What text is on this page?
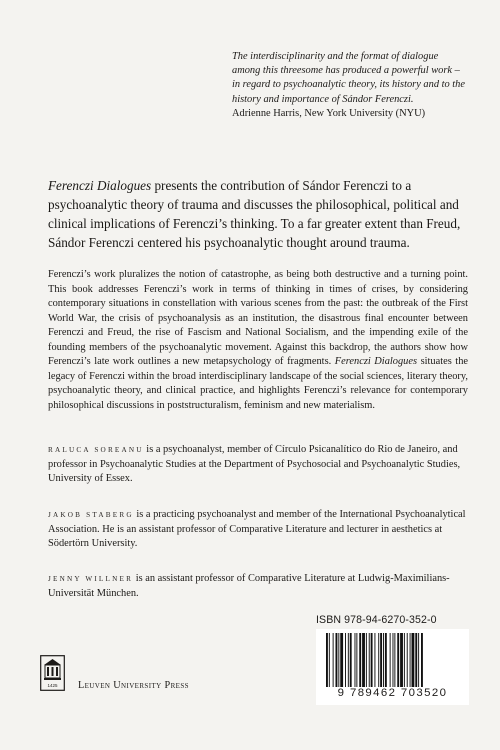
The interdisciplinarity and the format of dialogue among this threesome has produced a powerful work – in regard to psychoanalytic theory, its history and to the history and importance of Sándor Ferenczi.
Adrienne Harris, New York University (NYU)

Ferenczi Dialogues presents the contribution of Sándor Ferenczi to a psychoanalytic theory of trauma and discusses the philosophical, political and clinical implications of Ferenczi’s thinking. To a far greater extent than Freud, Sándor Ferenczi centered his psychoanalytic thought around trauma.

Ferenczi’s work pluralizes the notion of catastrophe, as being both destructive and a turning point. This book addresses Ferenczi’s work in terms of thinking in times of crises, by considering contemporary situations in constellation with various scenes from the past: the outbreak of the First World War, the crisis of psychoanalysis as an institution, the disastrous final encounter between Ferenczi and Freud, the rise of Fascism and National Socialism, and the impending exile of the founding members of the psychoanalytic movement. Against this backdrop, the authors show how Ferenczi’s late work outlines a new metapsychology of fragments. Ferenczi Dialogues situates the legacy of Ferenczi within the broad interdisciplinary landscape of the social sciences, literary theory, psychoanalytic theory, and clinical practice, and highlights Ferenczi’s relevance for contemporary philosophical discussions in poststructuralism, feminism and new materialism.

RALUCA SOREANU is a psychoanalyst, member of Círculo Psicanalítico do Rio de Janeiro, and professor in Psychoanalytic Studies at the Department of Psychosocial and Psychoanalytic Studies, University of Essex.

JAKOB STABERG is a practicing psychoanalyst and member of the International Psychoanalytical Association. He is an assistant professor of Comparative Literature and lecturer in aesthetics at Södertörn University.

JENNY WILLNER is an assistant professor of Comparative Literature at Ludwig-Maximilians-Universität München.

ISBN 978-94-6270-352-0
9 789462 703520
1425 Leuven University Press
